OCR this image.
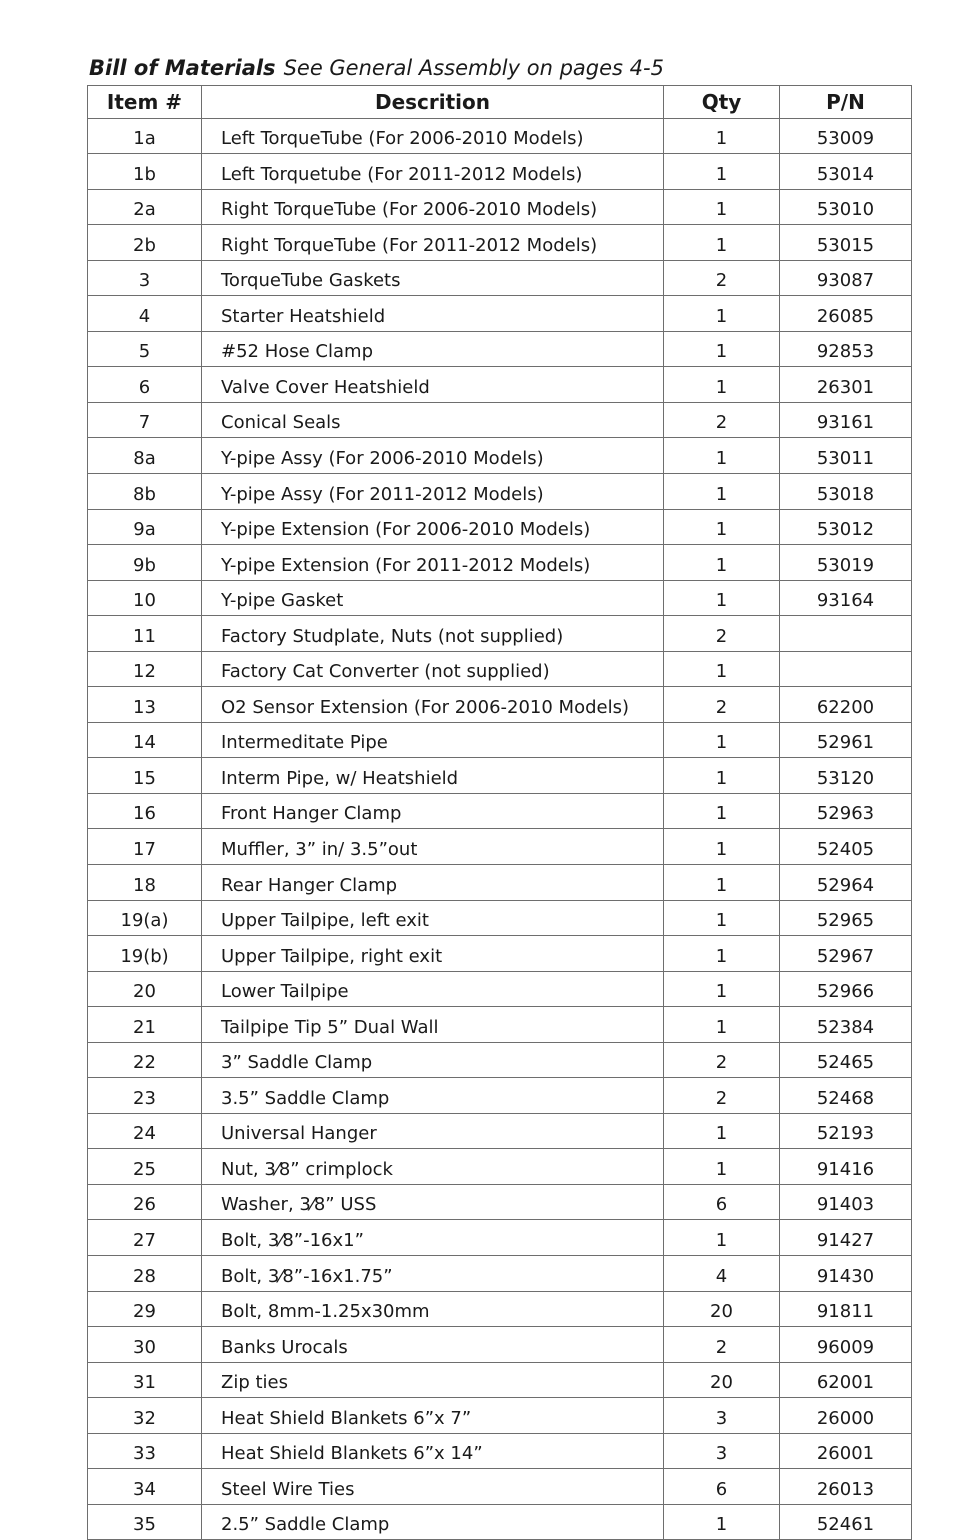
Bill of Materials See General Assembly on pages 4-5
Item #	Descrition	Qty	P/N
1a	Left TorqueTube (For 2006-2010 Models)	1	53009
1b	Left Torquetube (For 2011-2012 Models)	1	53014
2a	Right TorqueTube (For 2006-2010 Models)	1	53010
2b	Right TorqueTube (For 2011-2012 Models)	1	53015
3	TorqueTube Gaskets	2	93087
4	Starter Heatshield	1	26085
5	#52 Hose Clamp	1	92853
6	Valve Cover Heatshield	1	26301
7	Conical Seals	2	93161
8a	Y-pipe Assy (For 2006-2010 Models)	1	53011
8b	Y-pipe Assy (For 2011-2012 Models)	1	53018
9a	Y-pipe Extension (For 2006-2010 Models)	1	53012
9b	Y-pipe Extension (For 2011-2012 Models)	1	53019
10	Y-pipe Gasket	1	93164
11	Factory Studplate, Nuts (not supplied)	2	
12	Factory Cat Converter (not supplied)	1	
13	O2 Sensor Extension (For 2006-2010 Models)	2	62200
14	Intermeditate Pipe	1	52961
15	Interm Pipe, w/ Heatshield	1	53120
16	Front Hanger Clamp	1	52963
17	Muffler, 3” in/ 3.5”out	1	52405
18	Rear Hanger Clamp	1	52964
19(a)	Upper Tailpipe, left exit	1	52965
19(b)	Upper Tailpipe, right exit	1	52967
20	Lower Tailpipe	1	52966
21	Tailpipe Tip 5” Dual Wall	1	52384
22	3” Saddle Clamp	2	52465
23	3.5” Saddle Clamp	2	52468
24	Universal Hanger	1	52193
25	Nut, 3⁄8” crimplock	1	91416
26	Washer, 3⁄8” USS	6	91403
27	Bolt, 3⁄8”-16x1”	1	91427
28	Bolt, 3⁄8”-16x1.75”	4	91430
29	Bolt, 8mm-1.25x30mm	20	91811
30	Banks Urocals	2	96009
31	Zip ties	20	62001
32	Heat Shield Blankets 6”x 7”	3	26000
33	Heat Shield Blankets 6”x 14”	3	26001
34	Steel Wire Ties	6	26013
35	2.5” Saddle Clamp	1	52461
